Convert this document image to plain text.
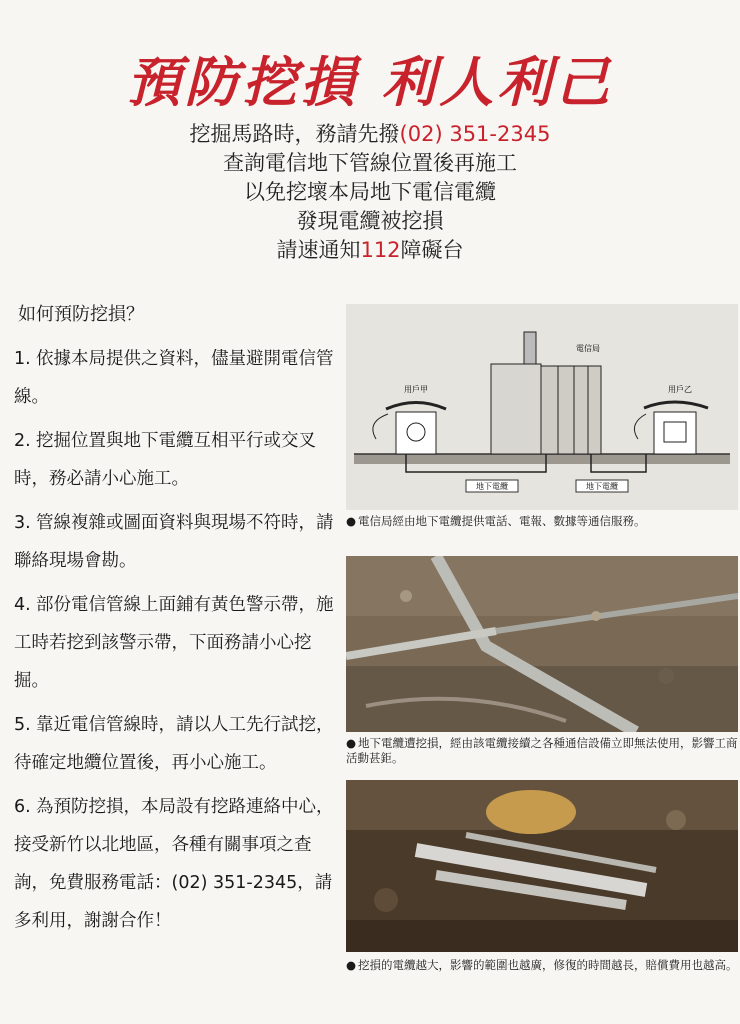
預防挖損 利人利己
挖掘馬路時，務請先撥(02) 351-2345
查詢電信地下管線位置後再施工
以免挖壞本局地下電信電纜
發現電纜被挖損
請速通知112障礙台
如何預防挖損？
1. 依據本局提供之資料，儘量避開電信管線。
2. 挖掘位置與地下電纜互相平行或交叉時，務必請小心施工。
3. 管線複雜或圖面資料與現場不符時，請聯絡現場會勘。
4. 部份電信管線上面鋪有黃色警示帶，施工時若挖到該警示帶，下面務請小心挖掘。
5. 靠近電信管線時，請以人工先行試挖，待確定地纜位置後，再小心施工。
6. 為預防挖損，本局設有挖路連絡中心，接受新竹以北地區，各種有關事項之查詢，免費服務電話：(02) 351-2345，請多利用，謝謝合作！
地下電纜	地下電纜
電信局
用戶甲	用戶乙
● 電信局經由地下電纜提供電話、電報、數據等通信服務。
● 地下電纜遭挖損，經由該電纜接續之各種通信設備立即無法使用，影響工商活動甚鉅。
● 挖損的電纜越大，影響的範圍也越廣，修復的時間越長，賠償費用也越高。
